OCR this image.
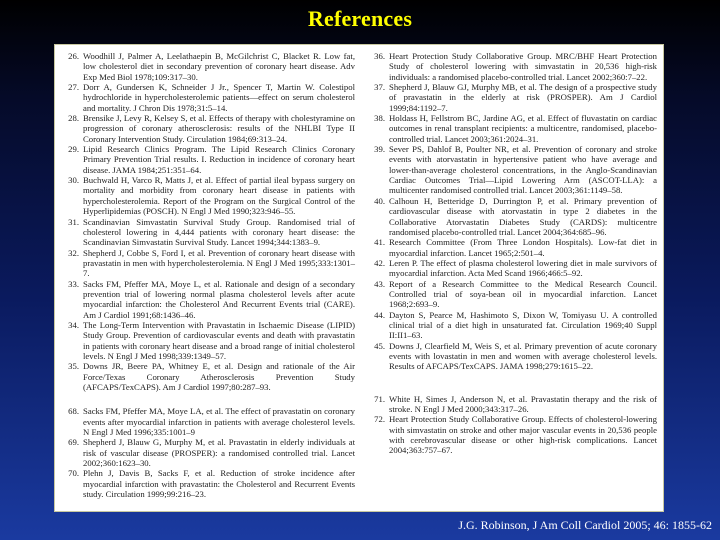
References

26. Woodhill J, Palmer A, Leelathaepin B, McGilchrist C, Blacket R. Low fat, low cholesterol diet in secondary prevention of coronary heart disease. Adv Exp Med Biol 1978;109:317–30.

27. Dorr A, Gundersen K, Schneider J Jr., Spencer T, Martin W. Colestipol hydrochloride in hypercholesterolemic patients—effect on serum cholesterol and mortality. J Chron Dis 1978;31:5–14.

28. Brensike J, Levy R, Kelsey S, et al. Effects of therapy with cholestyramine on progression of coronary atherosclerosis: results of the NHLBI Type II Coronary Intervention Study. Circulation 1984;69:313–24.

29. Lipid Research Clinics Program. The Lipid Research Clinics Coronary Primary Prevention Trial results. I. Reduction in incidence of coronary heart disease. JAMA 1984;251:351–64.

30. Buchwald H, Varco R, Matts J, et al. Effect of partial ileal bypass surgery on mortality and morbidity from coronary heart disease in patients with hypercholesterolemia. Report of the Program on the Surgical Control of the Hyperlipidemias (POSCH). N Engl J Med 1990;323:946–55.

31. Scandinavian Simvastatin Survival Study Group. Randomised trial of cholesterol lowering in 4,444 patients with coronary heart disease: the Scandinavian Simvastatin Survival Study. Lancet 1994;344:1383–9.

32. Shepherd J, Cobbe S, Ford I, et al. Prevention of coronary heart disease with pravastatin in men with hypercholesterolemia. N Engl J Med 1995;333:1301–7.

33. Sacks FM, Pfeffer MA, Moye L, et al. Rationale and design of a secondary prevention trial of lowering normal plasma cholesterol levels after acute myocardial infarction: the Cholesterol And Recurrent Events trial (CARE). Am J Cardiol 1991;68:1436–46.

34. The Long-Term Intervention with Pravastatin in Ischaemic Disease (LIPID) Study Group. Prevention of cardiovascular events and death with pravastatin in patients with coronary heart disease and a broad range of initial cholesterol levels. N Engl J Med 1998;339:1349–57.

35. Downs JR, Beere PA, Whitney E, et al. Design and rationale of the Air Force/Texas Coronary Atherosclerosis Prevention Study (AFCAPS/TexCAPS). Am J Cardiol 1997;80:287–93.

68. Sacks FM, Pfeffer MA, Moye LA, et al. The effect of pravastatin on coronary events after myocardial infarction in patients with average cholesterol levels. N Engl J Med 1996;335:1001–9

69. Shepherd J, Blauw G, Murphy M, et al. Pravastatin in elderly individuals at risk of vascular disease (PROSPER): a randomised controlled trial. Lancet 2002;360:1623–30.

70. Plehn J, Davis B, Sacks F, et al. Reduction of stroke incidence after myocardial infarction with pravastatin: the Cholesterol and Recurrent Events study. Circulation 1999;99:216–23.

36. Heart Protection Study Collaborative Group. MRC/BHF Heart Protection Study of cholesterol lowering with simvastatin in 20,536 high-risk individuals: a randomised placebo-controlled trial. Lancet 2002;360:7–22.

37. Shepherd J, Blauw GJ, Murphy MB, et al. The design of a prospective study of pravastatin in the elderly at risk (PROSPER). Am J Cardiol 1999;84:1192–7.

38. Holdass H, Fellstrom BC, Jardine AG, et al. Effect of fluvastatin on cardiac outcomes in renal transplant recipients: a multicentre, randomised, placebo-controlled trial. Lancet 2003;361:2024–31.

39. Sever PS, Dahlof B, Poulter NR, et al. Prevention of coronary and stroke events with atorvastatin in hypertensive patient who have average and lower-than-average cholesterol concentrations, in the Anglo-Scandinavian Cardiac Outcomes Trial—Lipid Lowering Arm (ASCOT-LLA): a multicenter randomised controlled trial. Lancet 2003;361:1149–58.

40. Calhoun H, Betteridge D, Durrington P, et al. Primary prevention of cardiovascular disease with atorvastatin in type 2 diabetes in the Collaborative Atorvastatin Diabetes Study (CARDS): multicentre randomised placebo-controlled trial. Lancet 2004;364:685–96.

41. Research Committee (From Three London Hospitals). Low-fat diet in myocardial infarction. Lancet 1965;2:501–4.

42. Leren P. The effect of plasma cholesterol lowering diet in male survivors of myocardial infarction. Acta Med Scand 1966;466:5–92.

43. Report of a Research Committee to the Medical Research Council. Controlled trial of soya-bean oil in myocardial infarction. Lancet 1968;2:693–9.

44. Dayton S, Pearce M, Hashimoto S, Dixon W, Tomiyasu U. A controlled clinical trial of a diet high in unsaturated fat. Circulation 1969;40 Suppl II:II1–63.

45. Downs J, Clearfield M, Weis S, et al. Primary prevention of acute coronary events with lovastatin in men and women with average cholesterol levels. Results of AFCAPS/TexCAPS. JAMA 1998;279:1615–22.

71. White H, Simes J, Anderson N, et al. Pravastatin therapy and the risk of stroke. N Engl J Med 2000;343:317–26.

72. Heart Protection Study Collaborative Group. Effects of cholesterol-lowering with simvastatin on stroke and other major vascular events in 20,536 people with cerebrovascular disease or other high-risk complications. Lancet 2004;363:757–67.

J.G. Robinson, J Am Coll Cardiol 2005; 46: 1855-62
